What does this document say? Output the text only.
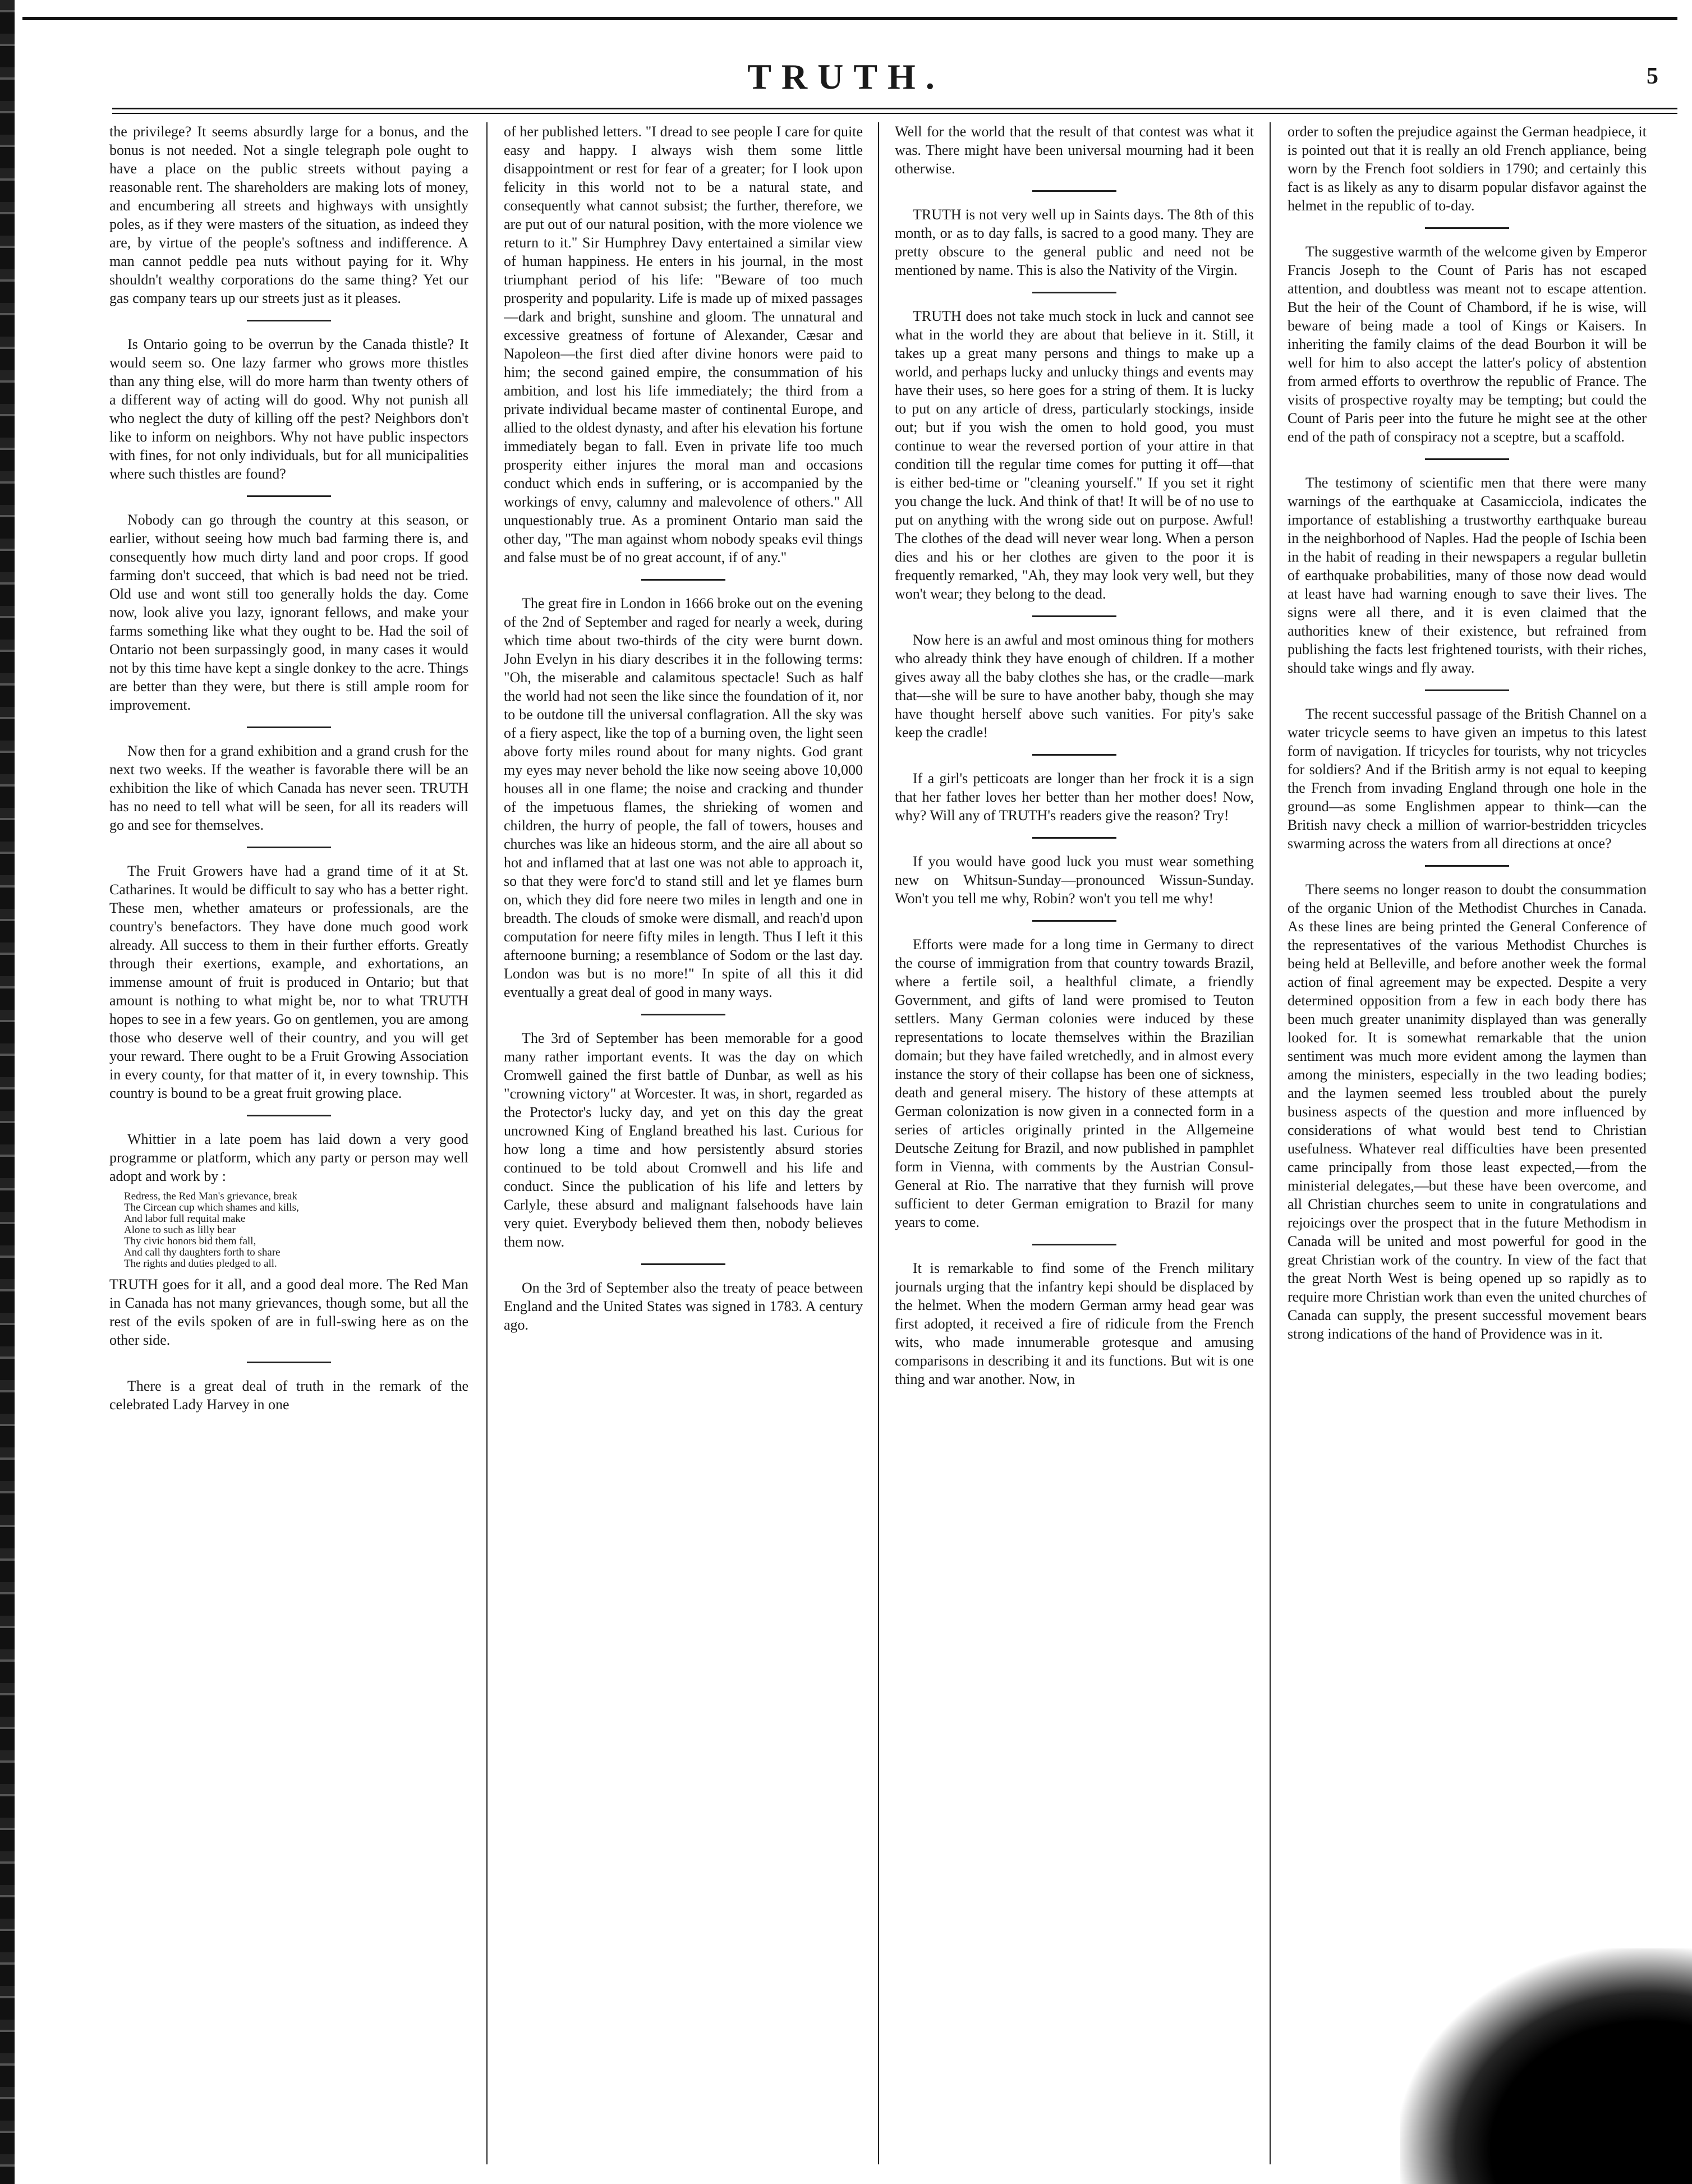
TRUTH.	5

the privilege? It seems absurdly large for a bonus, and the bonus is not needed. Not a single telegraph pole ought to have a place on the public streets without paying a reasonable rent. The shareholders are making lots of money, and encumbering all streets and highways with unsightly poles, as if they were masters of the situation, as indeed they are, by virtue of the people's softness and indifference. A man cannot peddle pea nuts without paying for it. Why shouldn't wealthy corporations do the same thing? Yet our gas company tears up our streets just as it pleases.

Is Ontario going to be overrun by the Canada thistle? It would seem so. One lazy farmer who grows more thistles than any thing else, will do more harm than twenty others of a different way of acting will do good. Why not punish all who neglect the duty of killing off the pest? Neighbors don't like to inform on neighbors. Why not have public inspectors with fines, for not only individuals, but for all municipalities where such thistles are found?

Nobody can go through the country at this season, or earlier, without seeing how much bad farming there is, and consequently how much dirty land and poor crops. If good farming don't succeed, that which is bad need not be tried. Old use and wont still too generally holds the day. Come now, look alive you lazy, ignorant fellows, and make your farms something like what they ought to be. Had the soil of Ontario not been surpassingly good, in many cases it would not by this time have kept a single donkey to the acre. Things are better than they were, but there is still ample room for improvement.

Now then for a grand exhibition and a grand crush for the next two weeks. If the weather is favorable there will be an exhibition the like of which Canada has never seen. TRUTH has no need to tell what will be seen, for all its readers will go and see for themselves.

The Fruit Growers have had a grand time of it at St. Catharines. It would be difficult to say who has a better right. These men, whether amateurs or professionals, are the country's benefactors. They have done much good work already. All success to them in their further efforts. Greatly through their exertions, example, and exhortations, an immense amount of fruit is produced in Ontario; but that amount is nothing to what might be, nor to what TRUTH hopes to see in a few years. Go on gentlemen, you are among those who deserve well of their country, and you will get your reward. There ought to be a Fruit Growing Association in every county, for that matter of it, in every township. This country is bound to be a great fruit growing place.

Whittier in a late poem has laid down a very good programme or platform, which any party or person may well adopt and work by :

Redress, the Red Man's grievance, break
The Circean cup which shames and kills,
And labor full requital make
Alone to such as lilly bear
Thy civic honors bid them fall,
And call thy daughters forth to share
The rights and duties pledged to all.

TRUTH goes for it all, and a good deal more. The Red Man in Canada has not many grievances, though some, but all the rest of the evils spoken of are in full-swing here as on the other side.

There is a great deal of truth in the remark of the celebrated Lady Harvey in one

of her published letters. "I dread to see people I care for quite easy and happy. I always wish them some little disappointment or rest for fear of a greater; for I look upon felicity in this world not to be a natural state, and consequently what cannot subsist; the further, therefore, we are put out of our natural position, with the more violence we return to it." Sir Humphrey Davy entertained a similar view of human happiness. He enters in his journal, in the most triumphant period of his life: "Beware of too much prosperity and popularity. Life is made up of mixed passages—dark and bright, sunshine and gloom. The unnatural and excessive greatness of fortune of Alexander, Cæsar and Napoleon—the first died after divine honors were paid to him; the second gained empire, the consummation of his ambition, and lost his life immediately; the third from a private individual became master of continental Europe, and allied to the oldest dynasty, and after his elevation his fortune immediately began to fall. Even in private life too much prosperity either injures the moral man and occasions conduct which ends in suffering, or is accompanied by the workings of envy, calumny and malevolence of others." All unquestionably true. As a prominent Ontario man said the other day, "The man against whom nobody speaks evil things and false must be of no great account, if of any."

The great fire in London in 1666 broke out on the evening of the 2nd of September and raged for nearly a week, during which time about two-thirds of the city were burnt down. John Evelyn in his diary describes it in the following terms: "Oh, the miserable and calamitous spectacle! Such as half the world had not seen the like since the foundation of it, nor to be outdone till the universal conflagration. All the sky was of a fiery aspect, like the top of a burning oven, the light seen above forty miles round about for many nights. God grant my eyes may never behold the like now seeing above 10,000 houses all in one flame; the noise and cracking and thunder of the impetuous flames, the shrieking of women and children, the hurry of people, the fall of towers, houses and churches was like an hideous storm, and the aire all about so hot and inflamed that at last one was not able to approach it, so that they were forc'd to stand still and let ye flames burn on, which they did fore neere two miles in length and one in breadth. The clouds of smoke were dismall, and reach'd upon computation for neere fifty miles in length. Thus I left it this afternoone burning; a resemblance of Sodom or the last day. London was but is no more!" In spite of all this it did eventually a great deal of good in many ways.

The 3rd of September has been memorable for a good many rather important events. It was the day on which Cromwell gained the first battle of Dunbar, as well as his "crowning victory" at Worcester. It was, in short, regarded as the Protector's lucky day, and yet on this day the great uncrowned King of England breathed his last. Curious for how long a time and how persistently absurd stories continued to be told about Cromwell and his life and conduct. Since the publication of his life and letters by Carlyle, these absurd and malignant falsehoods have lain very quiet. Everybody believed them then, nobody believes them now.

On the 3rd of September also the treaty of peace between England and the United States was signed in 1783. A century ago.

Well for the world that the result of that contest was what it was. There might have been universal mourning had it been otherwise.

TRUTH is not very well up in Saints days. The 8th of this month, or as to day falls, is sacred to a good many. They are pretty obscure to the general public and need not be mentioned by name. This is also the Nativity of the Virgin.

TRUTH does not take much stock in luck and cannot see what in the world they are about that believe in it. Still, it takes up a great many persons and things to make up a world, and perhaps lucky and unlucky things and events may have their uses, so here goes for a string of them. It is lucky to put on any article of dress, particularly stockings, inside out; but if you wish the omen to hold good, you must continue to wear the reversed portion of your attire in that condition till the regular time comes for putting it off—that is either bed-time or "cleaning yourself." If you set it right you change the luck. And think of that! It will be of no use to put on anything with the wrong side out on purpose. Awful! The clothes of the dead will never wear long. When a person dies and his or her clothes are given to the poor it is frequently remarked, "Ah, they may look very well, but they won't wear; they belong to the dead.

Now here is an awful and most ominous thing for mothers who already think they have enough of children. If a mother gives away all the baby clothes she has, or the cradle—mark that—she will be sure to have another baby, though she may have thought herself above such vanities. For pity's sake keep the cradle!

If a girl's petticoats are longer than her frock it is a sign that her father loves her better than her mother does! Now, why? Will any of TRUTH's readers give the reason? Try!

If you would have good luck you must wear something new on Whitsun-Sunday—pronounced Wissun-Sunday. Won't you tell me why, Robin? won't you tell me why!

Efforts were made for a long time in Germany to direct the course of immigration from that country towards Brazil, where a fertile soil, a healthful climate, a friendly Government, and gifts of land were promised to Teuton settlers. Many German colonies were induced by these representations to locate themselves within the Brazilian domain; but they have failed wretchedly, and in almost every instance the story of their collapse has been one of sickness, death and general misery. The history of these attempts at German colonization is now given in a connected form in a series of articles originally printed in the Allgemeine Deutsche Zeitung for Brazil, and now published in pamphlet form in Vienna, with comments by the Austrian Consul-General at Rio. The narrative that they furnish will prove sufficient to deter German emigration to Brazil for many years to come.

It is remarkable to find some of the French military journals urging that the infantry kepi should be displaced by the helmet. When the modern German army head gear was first adopted, it received a fire of ridicule from the French wits, who made innumerable grotesque and amusing comparisons in describing it and its functions. But wit is one thing and war another. Now, in

order to soften the prejudice against the German headpiece, it is pointed out that it is really an old French appliance, being worn by the French foot soldiers in 1790; and certainly this fact is as likely as any to disarm popular disfavor against the helmet in the republic of to-day.

The suggestive warmth of the welcome given by Emperor Francis Joseph to the Count of Paris has not escaped attention, and doubtless was meant not to escape attention. But the heir of the Count of Chambord, if he is wise, will beware of being made a tool of Kings or Kaisers. In inheriting the family claims of the dead Bourbon it will be well for him to also accept the latter's policy of abstention from armed efforts to overthrow the republic of France. The visits of prospective royalty may be tempting; but could the Count of Paris peer into the future he might see at the other end of the path of conspiracy not a sceptre, but a scaffold.

The testimony of scientific men that there were many warnings of the earthquake at Casamicciola, indicates the importance of establishing a trustworthy earthquake bureau in the neighborhood of Naples. Had the people of Ischia been in the habit of reading in their newspapers a regular bulletin of earthquake probabilities, many of those now dead would at least have had warning enough to save their lives. The signs were all there, and it is even claimed that the authorities knew of their existence, but refrained from publishing the facts lest frightened tourists, with their riches, should take wings and fly away.

The recent successful passage of the British Channel on a water tricycle seems to have given an impetus to this latest form of navigation. If tricycles for tourists, why not tricycles for soldiers? And if the British army is not equal to keeping the French from invading England through one hole in the ground—as some Englishmen appear to think—can the British navy check a million of warrior-bestridden tricycles swarming across the waters from all directions at once?

There seems no longer reason to doubt the consummation of the organic Union of the Methodist Churches in Canada. As these lines are being printed the General Conference of the representatives of the various Methodist Churches is being held at Belleville, and before another week the formal action of final agreement may be expected. Despite a very determined opposition from a few in each body there has been much greater unanimity displayed than was generally looked for. It is somewhat remarkable that the union sentiment was much more evident among the laymen than among the ministers, especially in the two leading bodies; and the laymen seemed less troubled about the purely business aspects of the question and more influenced by considerations of what would best tend to Christian usefulness. Whatever real difficulties have been presented came principally from those least expected,—from the ministerial delegates,—but these have been overcome, and all Christian churches seem to unite in congratulations and rejoicings over the prospect that in the future Methodism in Canada will be united and most powerful for good in the great Christian work of the country. In view of the fact that the great North West is being opened up so rapidly as to require more Christian work than even the united churches of Canada can supply, the present successful movement bears strong indications of the hand of Providence was in it.
